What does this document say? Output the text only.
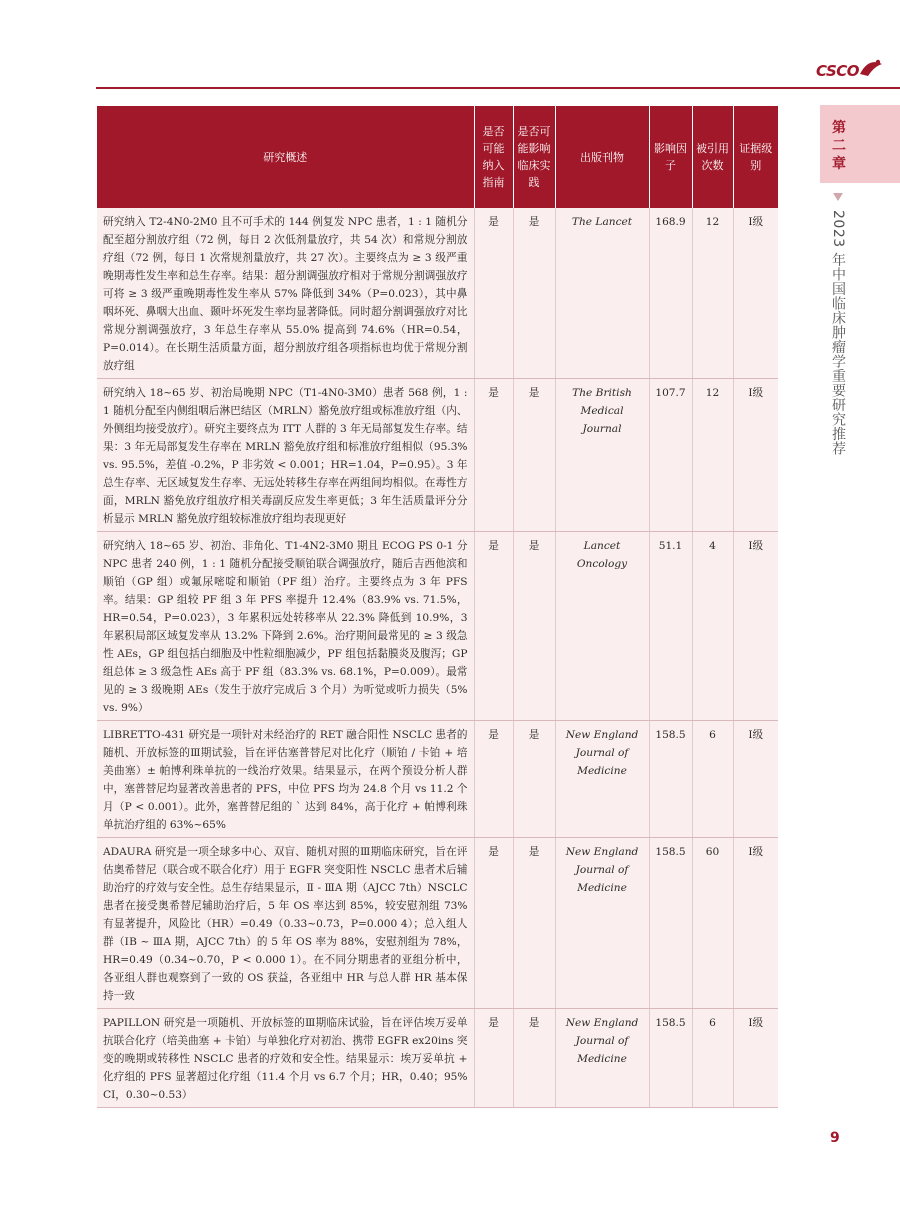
CSCO
第二章
2023 年中国临床肿瘤学重要研究推荐
研究概述	是否可能纳入指南	是否可能影响临床实践	出版刊物	影响因子	被引用次数	证据级别
研究纳入 T2-4N0-2M0 且不可手术的 144 例复发 NPC 患者，1 : 1 随机分配至超分割放疗组（72 例，每日 2 次低剂量放疗，共 54 次）和常规分割放疗组（72 例，每日 1 次常规剂量放疗，共 27 次）。主要终点为 ≥ 3 级严重晚期毒性发生率和总生存率。结果：超分割调强放疗相对于常规分割调强放疗可将 ≥ 3 级严重晚期毒性发生率从 57% 降低到 34%（P=0.023），其中鼻咽坏死、鼻咽大出血、颞叶坏死发生率均显著降低。同时超分割调强放疗对比常规分割调强放疗，3 年总生存率从 55.0% 提高到 74.6%（HR=0.54，P=0.014）。在长期生活质量方面，超分割放疗组各项指标也均优于常规分割放疗组	是	是	The Lancet	168.9	12	Ⅰ级
研究纳入 18~65 岁、初治局晚期 NPC（T1-4N0-3M0）患者 568 例，1 : 1 随机分配至内侧组咽后淋巴结区（MRLN）豁免放疗组或标准放疗组（内、外侧组均接受放疗）。研究主要终点为 ITT 人群的 3 年无局部复发生存率。结果：3 年无局部复发生存率在 MRLN 豁免放疗组和标准放疗组相似（95.3% vs. 95.5%，差值 -0.2%，P 非劣效 < 0.001；HR=1.04，P=0.95）。3 年总生存率、无区域复发生存率、无远处转移生存率在两组间均相似。在毒性方面，MRLN 豁免放疗组放疗相关毒副反应发生率更低；3 年生活质量评分分析显示 MRLN 豁免放疗组较标准放疗组均表现更好	是	是	The British Medical Journal	107.7	12	Ⅰ级
研究纳入 18~65 岁、初治、非角化、T1-4N2-3M0 期且 ECOG PS 0-1 分 NPC 患者 240 例，1 : 1 随机分配接受顺铂联合调强放疗，随后吉西他滨和顺铂（GP 组）或氟尿嘧啶和顺铂（PF 组）治疗。主要终点为 3 年 PFS 率。结果：GP 组较 PF 组 3 年 PFS 率提升 12.4%（83.9% vs. 71.5%，HR=0.54，P=0.023），3 年累积远处转移率从 22.3% 降低到 10.9%，3 年累积局部区域复发率从 13.2% 下降到 2.6%。治疗期间最常见的 ≥ 3 级急性 AEs，GP 组包括白细胞及中性粒细胞减少，PF 组包括黏膜炎及腹泻；GP 组总体 ≥ 3 级急性 AEs 高于 PF 组（83.3% vs. 68.1%，P=0.009）。最常见的 ≥ 3 级晚期 AEs（发生于放疗完成后 3 个月）为听觉或听力损失（5% vs. 9%）	是	是	Lancet Oncology	51.1	4	Ⅰ级
LIBRETTO-431 研究是一项针对未经治疗的 RET 融合阳性 NSCLC 患者的随机、开放标签的Ⅲ期试验，旨在评估塞普替尼对比化疗（顺铂 / 卡铂 + 培美曲塞）± 帕博利珠单抗的一线治疗效果。结果显示，在两个预设分析人群中，塞普替尼均显著改善患者的 PFS，中位 PFS 均为 24.8 个月 vs 11.2 个月（P < 0.001）。此外，塞普替尼组的 ` 达到 84%，高于化疗 + 帕博利珠单抗治疗组的 63%~65%	是	是	New England Journal of Medicine	158.5	6	Ⅰ级
ADAURA 研究是一项全球多中心、双盲、随机对照的Ⅲ期临床研究，旨在评估奥希替尼（联合或不联合化疗）用于 EGFR 突变阳性 NSCLC 患者术后辅助治疗的疗效与安全性。总生存结果显示，Ⅱ - ⅢA 期（AJCC 7th）NSCLC 患者在接受奥希替尼辅助治疗后，5 年 OS 率达到 85%，较安慰剂组 73% 有显著提升，风险比（HR）=0.49（0.33~0.73，P=0.000 4）；总入组人群（ⅠB ~ ⅢA 期，AJCC 7th）的 5 年 OS 率为 88%，安慰剂组为 78%，HR=0.49（0.34~0.70，P < 0.000 1）。在不同分期患者的亚组分析中，各亚组人群也观察到了一致的 OS 获益，各亚组中 HR 与总人群 HR 基本保持一致	是	是	New England Journal of Medicine	158.5	60	Ⅰ级
PAPILLON 研究是一项随机、开放标签的Ⅲ期临床试验，旨在评估埃万妥单抗联合化疗（培美曲塞 + 卡铂）与单独化疗对初治、携带 EGFR ex20ins 突变的晚期或转移性 NSCLC 患者的疗效和安全性。结果显示：埃万妥单抗 + 化疗组的 PFS 显著超过化疗组（11.4 个月 vs 6.7 个月；HR，0.40；95% CI，0.30~0.53）	是	是	New England Journal of Medicine	158.5	6	Ⅰ级
9
